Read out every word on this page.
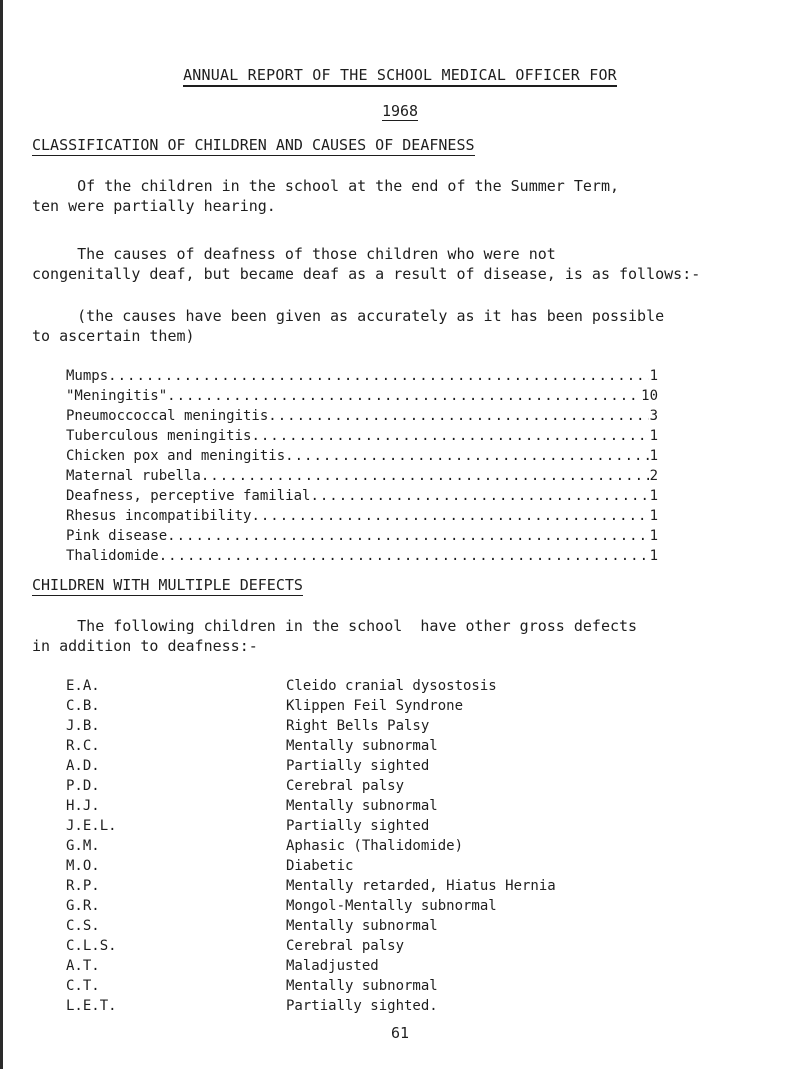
ANNUAL REPORT OF THE SCHOOL MEDICAL OFFICER FOR
1968
CLASSIFICATION OF CHILDREN AND CAUSES OF DEAFNESS
Of the children in the school at the end of the Summer Term,
ten were partially hearing.
The causes of deafness of those children who were not
congenitally deaf, but became deaf as a result of disease, is as follows:-
(the causes have been given as accurately as it has been possible
to ascertain them)
Mumps .....	1
"Meningitis" .....	10
Pneumoccoccal meningitis .....	3
Tuberculous meningitis .....	1
Chicken pox and meningitis .....	1
Maternal rubella .....	2
Deafness, perceptive familial .....	1
Rhesus incompatibility .....	1
Pink disease .....	1
Thalidomide .....	1
CHILDREN WITH MULTIPLE DEFECTS
The following children in the school  have other gross defects
in addition to deafness:-
E.A.	Cleido cranial dysostosis
C.B.	Klippen Feil Syndrone
J.B.	Right Bells Palsy
R.C.	Mentally subnormal
A.D.	Partially sighted
P.D.	Cerebral palsy
H.J.	Mentally subnormal
J.E.L.	Partially sighted
G.M.	Aphasic (Thalidomide)
M.O.	Diabetic
R.P.	Mentally retarded, Hiatus Hernia
G.R.	Mongol-Mentally subnormal
C.S.	Mentally subnormal
C.L.S.	Cerebral palsy
A.T.	Maladjusted
C.T.	Mentally subnormal
L.E.T.	Partially sighted.
61
